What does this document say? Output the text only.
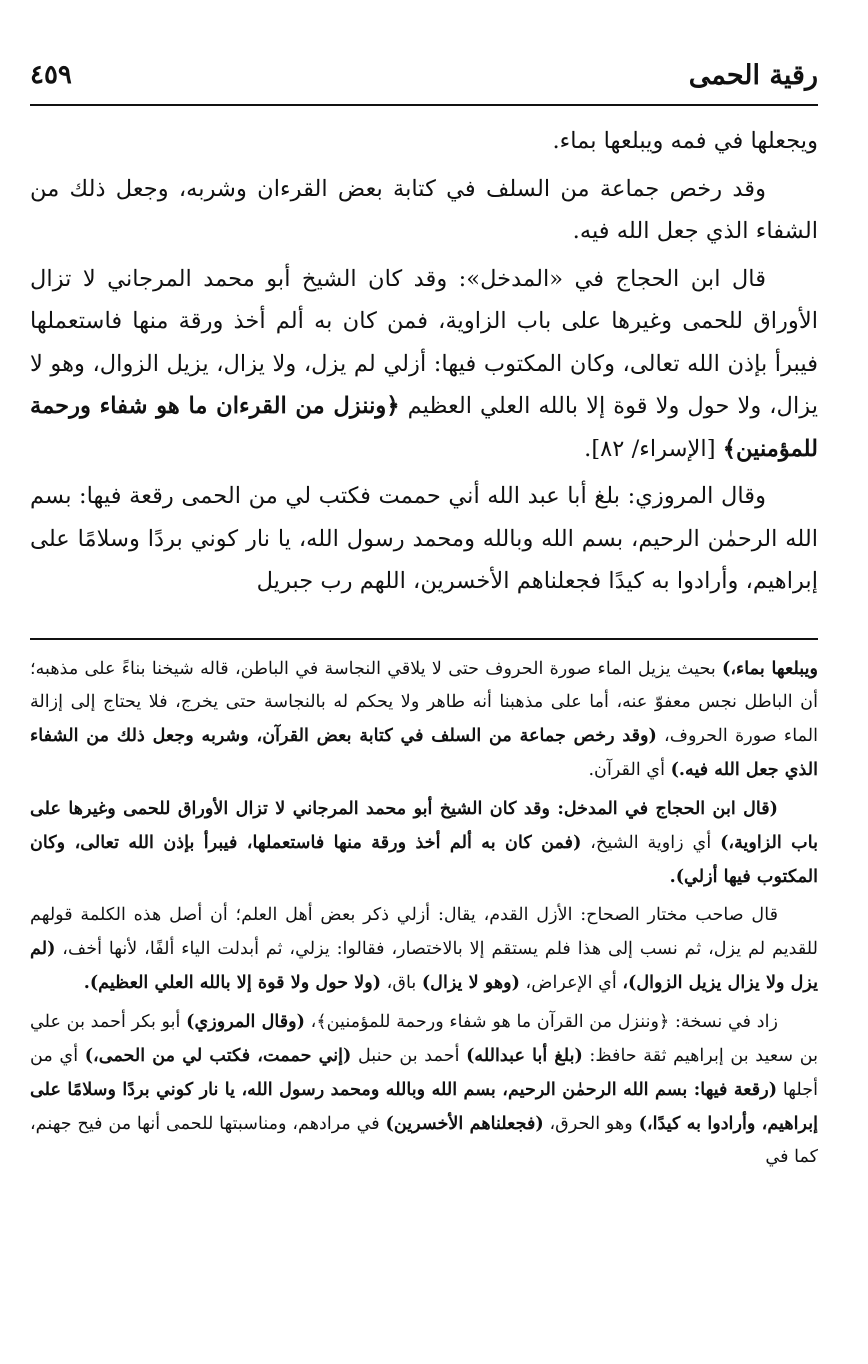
رقية الحمى
٤٥٩

ويجعلها في فمه ويبلعها بماء.

وقد رخص جماعة من السلف في كتابة بعض القرءان وشربه، وجعل ذلك من الشفاء الذي جعل الله فيه.

قال ابن الحجاج في «المدخل»: وقد كان الشيخ أبو محمد المرجاني لا تزال الأوراق للحمى وغيرها على باب الزاوية، فمن كان به ألم أخذ ورقة منها فاستعملها فيبرأ بإذن الله تعالى، وكان المكتوب فيها: أزلي لم يزل، ولا يزال، يزيل الزوال، وهو لا يزال، ولا حول ولا قوة إلا بالله العلي العظيم ﴿وننزل من القرءان ما هو شفاء ورحمة للمؤمنين﴾ [الإسراء/ ٨٢].

وقال المروزي: بلغ أبا عبد الله أني حممت فكتب لي من الحمى رقعة فيها: بسم الله الرحمٰن الرحيم، بسم الله وبالله ومحمد رسول الله، يا نار كوني بردًا وسلامًا على إبراهيم، وأرادوا به كيدًا فجعلناهم الأخسرين، اللهم رب جبريل

ويبلعها بماء،) بحيث يزيل الماء صورة الحروف حتى لا يلاقي النجاسة في الباطن، قاله شيخنا بناءً على مذهبه؛ أن الباطل نجس معفوّ عنه، أما على مذهبنا أنه طاهر ولا يحكم له بالنجاسة حتى يخرج، فلا يحتاج إلى إزالة الماء صورة الحروف، (وقد رخص جماعة من السلف في كتابة بعض القرآن، وشربه وجعل ذلك من الشفاء الذي جعل الله فيه.) أي القرآن.

(قال ابن الحجاج في المدخل: وقد كان الشيخ أبو محمد المرجاني لا تزال الأوراق للحمى وغيرها على باب الزاوية،) أي زاوية الشيخ، (فمن كان به ألم أخذ ورقة منها فاستعملها، فيبرأ بإذن الله تعالى، وكان المكتوب فيها أزلي).

قال صاحب مختار الصحاح: الأزل القدم، يقال: أزلي ذكر بعض أهل العلم؛ أن أصل هذه الكلمة قولهم للقديم لم يزل، ثم نسب إلى هذا فلم يستقم إلا بالاختصار، فقالوا: يزلي، ثم أبدلت الياء ألفًا، لأنها أخف، (لم يزل ولا يزال يزيل الزوال)، أي الإعراض، (وهو لا يزال) باق، (ولا حول ولا قوة إلا بالله العلي العظيم).

زاد في نسخة: ﴿وننزل من القرآن ما هو شفاء ورحمة للمؤمنين﴾، (وقال المروزي) أبو بكر أحمد بن علي بن سعيد بن إبراهيم ثقة حافظ: (بلغ أبا عبدالله) أحمد بن حنبل (إني حممت، فكتب لي من الحمى،) أي من أجلها (رقعة فيها: بسم الله الرحمٰن الرحيم، بسم الله وبالله ومحمد رسول الله، يا نار كوني بردًا وسلامًا على إبراهيم، وأرادوا به كيدًا،) وهو الحرق، (فجعلناهم الأخسرين) في مرادهم، ومناسبتها للحمى أنها من فيح جهنم، كما في
